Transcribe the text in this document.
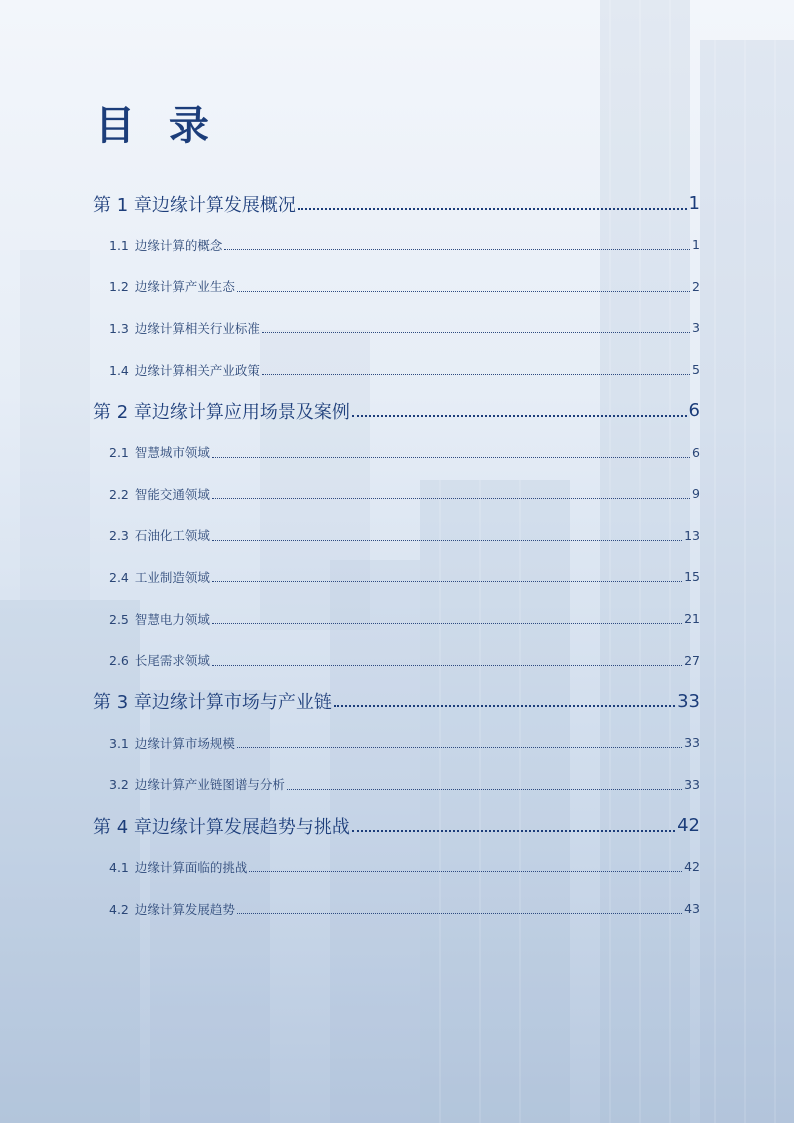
目 录
第 1 章边缘计算发展概况	1
1.1 边缘计算的概念	1
1.2 边缘计算产业生态	2
1.3 边缘计算相关行业标准	3
1.4 边缘计算相关产业政策	5
第 2 章边缘计算应用场景及案例	6
2.1 智慧城市领域	6
2.2 智能交通领域	9
2.3 石油化工领域	13
2.4 工业制造领域	15
2.5 智慧电力领域	21
2.6 长尾需求领域	27
第 3 章边缘计算市场与产业链	33
3.1 边缘计算市场规模	33
3.2 边缘计算产业链图谱与分析	33
第 4 章边缘计算发展趋势与挑战	42
4.1 边缘计算面临的挑战	42
4.2 边缘计算发展趋势	43
